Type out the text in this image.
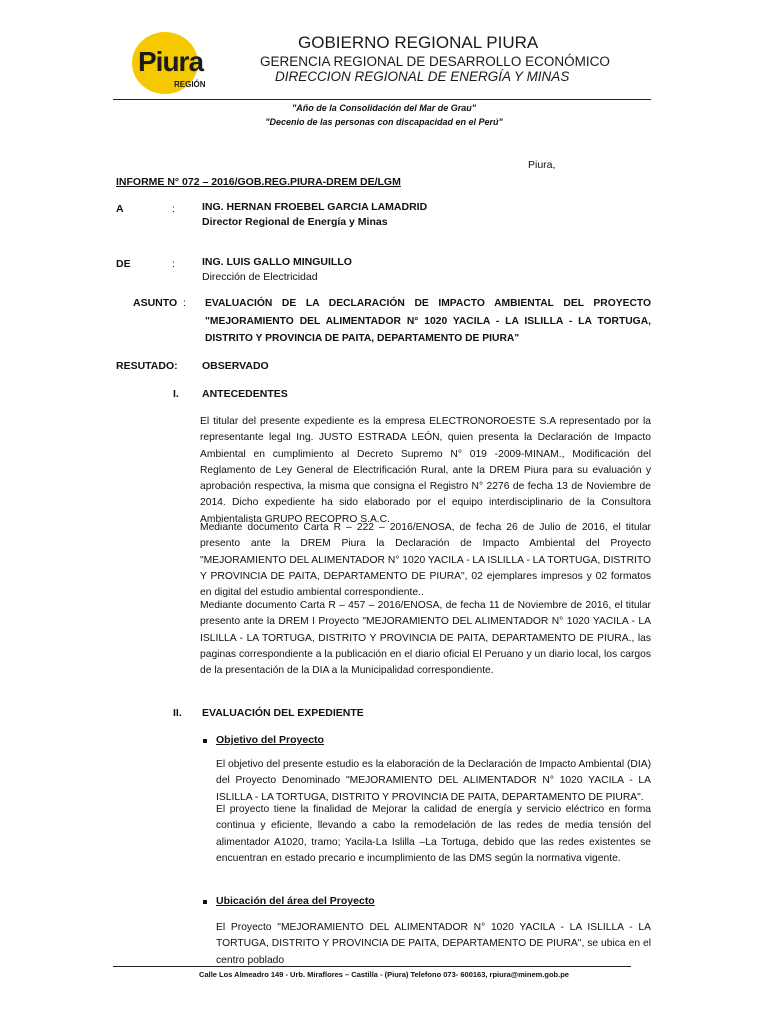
Piura
REGIÓN
GOBIERNO REGIONAL PIURA
GERENCIA REGIONAL DE DESARROLLO ECONÓMICO
DIRECCION REGIONAL DE ENERGÍA Y MINAS
"Año de la Consolidación del Mar de Grau"
"Decenio de las personas con discapacidad en el Perú"
Piura,
INFORME N° 072 – 2016/GOB.REG.PIURA-DREM DE/LGM
A	:	ING. HERNAN FROEBEL GARCIA LAMADRID
Director Regional de Energía y Minas
DE	:	ING. LUIS GALLO MINGUILLO
Dirección de Electricidad
ASUNTO : EVALUACIÓN DE LA DECLARACIÓN DE IMPACTO AMBIENTAL DEL PROYECTO "MEJORAMIENTO DEL ALIMENTADOR N° 1020 YACILA - LA ISLILLA - LA TORTUGA, DISTRITO Y PROVINCIA DE PAITA, DEPARTAMENTO DE PIURA"
RESUTADO: OBSERVADO
I. ANTECEDENTES
El titular del presente expediente es la empresa ELECTRONOROESTE S.A representado por la representante legal Ing. JUSTO ESTRADA LEÓN, quien presenta la Declaración de Impacto Ambiental en cumplimiento al Decreto Supremo N° 019 -2009-MINAM., Modificación del Reglamento de Ley General de Electrificación Rural, ante la DREM Piura para su evaluación y aprobación respectiva, la misma que consigna el Registro N° 2276 de fecha 13 de Noviembre de 2014. Dicho expediente ha sido elaborado por el equipo interdisciplinario de la Consultora Ambientalista GRUPO RECOPRO S.A.C.
Mediante documento Carta R – 222 – 2016/ENOSA, de fecha 26 de Julio de 2016, el titular presento ante la DREM Piura la Declaración de Impacto Ambiental del Proyecto "MEJORAMIENTO DEL ALIMENTADOR N° 1020 YACILA - LA ISLILLA - LA TORTUGA, DISTRITO Y PROVINCIA DE PAITA, DEPARTAMENTO DE PIURA", 02 ejemplares impresos y 02 formatos en digital del estudio ambiental correspondiente..
Mediante documento Carta R – 457 – 2016/ENOSA, de fecha 11 de Noviembre de 2016, el titular presento ante la DREM I Proyecto "MEJORAMIENTO DEL ALIMENTADOR N° 1020 YACILA - LA ISLILLA - LA TORTUGA, DISTRITO Y PROVINCIA DE PAITA, DEPARTAMENTO DE PIURA., las paginas correspondiente a la publicación en el diario oficial El Peruano y un diario local, los cargos de la presentación de la DIA a la Municipalidad correspondiente.
II. EVALUACIÓN DEL EXPEDIENTE
Objetivo del Proyecto
El objetivo del presente estudio es la elaboración de la Declaración de Impacto Ambiental (DIA) del Proyecto Denominado "MEJORAMIENTO DEL ALIMENTADOR N° 1020 YACILA - LA ISLILLA - LA TORTUGA, DISTRITO Y PROVINCIA DE PAITA, DEPARTAMENTO DE PIURA".
El proyecto tiene la finalidad de Mejorar la calidad de energía y servicio eléctrico en forma continua y eficiente, llevando a cabo la remodelación de las redes de media tensión del alimentador A1020, tramo; Yacila-La Islilla –La Tortuga, debido que las redes existentes se encuentran en estado precario e incumplimiento de las DMS según la normativa vigente.
Ubicación del área del Proyecto
El Proyecto "MEJORAMIENTO DEL ALIMENTADOR N° 1020 YACILA - LA ISLILLA - LA TORTUGA, DISTRITO Y PROVINCIA DE PAITA, DEPARTAMENTO DE PIURA", se ubica en el centro poblado
Calle Los Almeadro 149 - Urb. Miraflores – Castilla - (Piura) Telefono 073- 600163, rpiura@minem.gob.pe
